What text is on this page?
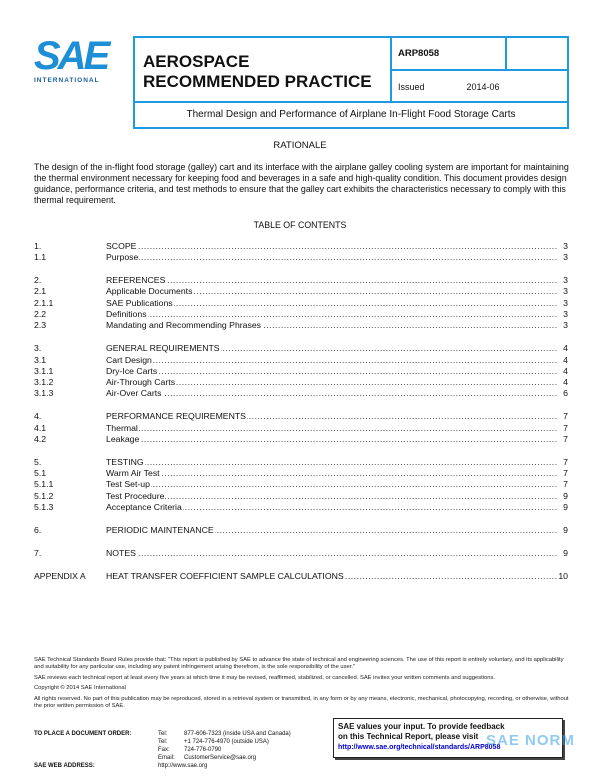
SAE
INTERNATIONAL
AEROSPACE
RECOMMENDED PRACTICE
ARP8058
Issued	2014-06
Thermal Design and Performance of Airplane In-Flight Food Storage Carts
RATIONALE
The design of the in-flight food storage (galley) cart and its interface with the airplane galley cooling system are important for maintaining the thermal environment necessary for keeping food and beverages in a safe and high-quality condition. This document provides design guidance, performance criteria, and test methods to ensure that the galley cart exhibits the characteristics necessary to comply with this thermal requirement.
TABLE OF CONTENTS
1.	SCOPE .....	3
1.1	Purpose .....	3
2.	REFERENCES .....	3
2.1	Applicable Documents .....	3
2.1.1	SAE Publications .....	3
2.2	Definitions .....	3
2.3	Mandating and Recommending Phrases .....	3
3.	GENERAL REQUIREMENTS .....	4
3.1	Cart Design .....	4
3.1.1	Dry-Ice Carts .....	4
3.1.2	Air-Through Carts .....	4
3.1.3	Air-Over Carts .....	6
4.	PERFORMANCE REQUIREMENTS .....	7
4.1	Thermal .....	7
4.2	Leakage .....	7
5.	TESTING .....	7
5.1	Warm Air Test .....	7
5.1.1	Test Set-up .....	7
5.1.2	Test Procedure .....	9
5.1.3	Acceptance Criteria .....	9
6.	PERIODIC MAINTENANCE .....	9
7.	NOTES .....	9
APPENDIX A	HEAT TRANSFER COEFFICIENT SAMPLE CALCULATIONS .....	10

SAE Technical Standards Board Rules provide that: "This report is published by SAE to advance the state of technical and engineering sciences. The use of this report is entirely voluntary, and its applicability and suitability for any particular use, including any patent infringement arising therefrom, is the sole responsibility of the user."

SAE reviews each technical report at least every five years at which time it may be revised, reaffirmed, stabilized, or cancelled. SAE invites your written comments and suggestions.

Copyright © 2014 SAE International

All rights reserved. No part of this publication may be reproduced, stored in a retrieval system or transmitted, in any form or by any means, electronic, mechanical, photocopying, recording, or otherwise, without the prior written permission of SAE.

TO PLACE A DOCUMENT ORDER:
SAE WEB ADDRESS:
Tel:	877-606-7323 (inside USA and Canada)
Tel:	+1 724-776-4970 (outside USA)
Fax: 724-776-0790
Email: CustomerService@sae.org
http://www.sae.org
SAE values your input. To provide feedback
on this Technical Report, please visit
http://www.sae.org/technical/standards/ARP8058
SAE NORM
